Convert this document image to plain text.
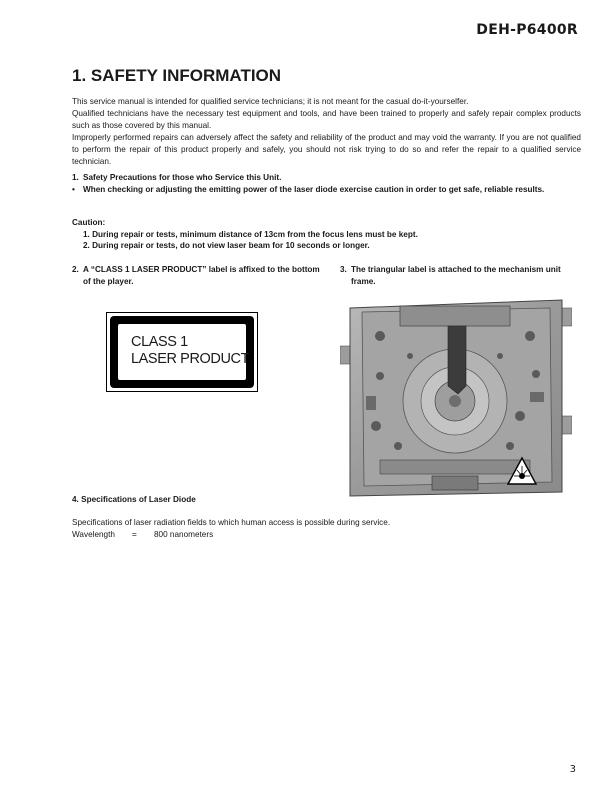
DEH-P6400R
1. SAFETY INFORMATION

This service manual is intended for qualified service technicians; it is not meant for the casual do-it-yourselfer.

Qualified technicians have the necessary test equipment and tools, and have been trained to properly and safely repair complex products such as those covered by this manual.

Improperly performed repairs can adversely affect the safety and reliability of the product and may void the warranty. If you are not qualified to perform the repair of this product properly and safely, you should not risk trying to do so and refer the repair to a qualified service technician.

1. Safety Precautions for those who Service this Unit.
• When checking or adjusting the emitting power of the laser diode exercise caution in order to get safe, reliable results.
Caution:
1. During repair or tests, minimum distance of 13cm from the focus lens must be kept.
2. During repair or tests, do not view laser beam for 10 seconds or longer.
2. A “CLASS 1 LASER PRODUCT” label is affixed to the bottom of the player.
3. The triangular label is attached to the mechanism unit frame.
CLASS 1
LASER PRODUCT
4. Specifications of Laser Diode
Specifications of laser radiation fields to which human access is possible during service.
Wavelength	=	800 nanometers
3
